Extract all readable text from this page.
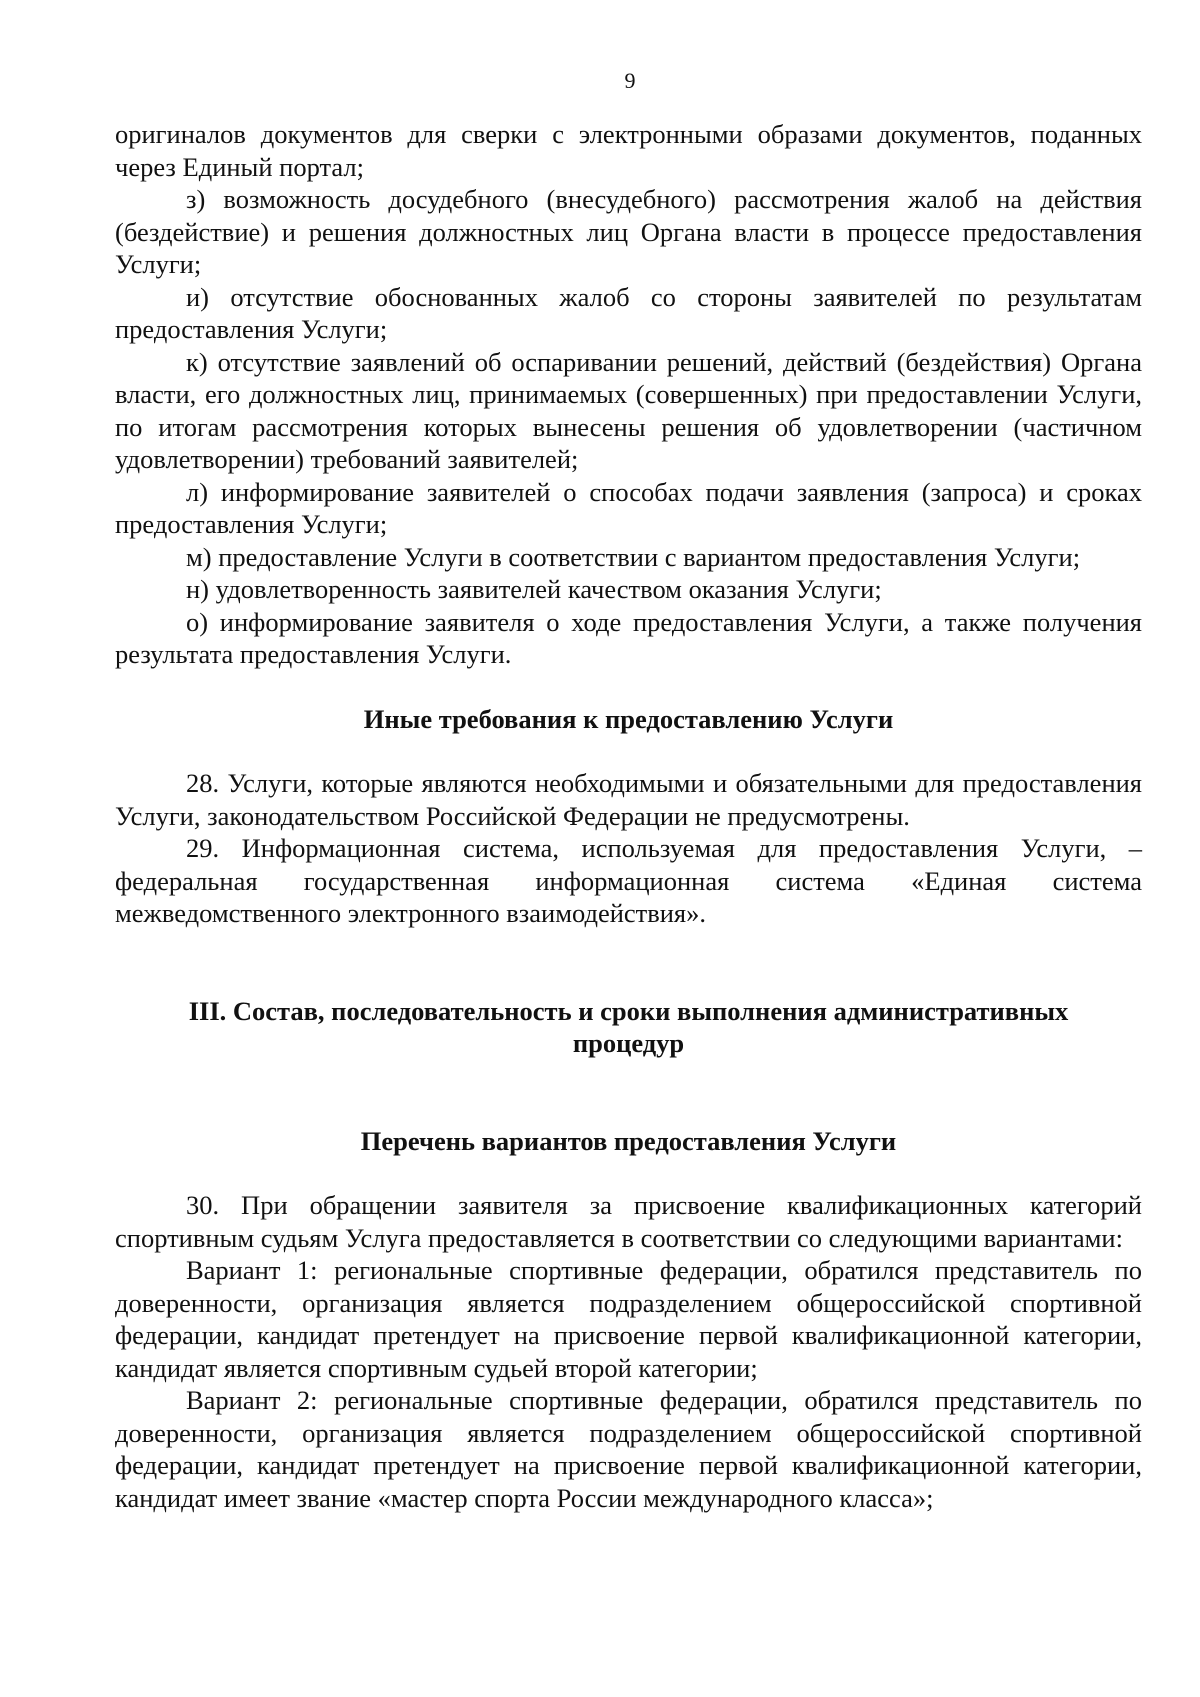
9

оригиналов документов для сверки с электронными образами документов, поданных через Единый портал;

з) возможность досудебного (внесудебного) рассмотрения жалоб на действия (бездействие) и решения должностных лиц Органа власти в процессе предоставления Услуги;

и) отсутствие обоснованных жалоб со стороны заявителей по результатам предоставления Услуги;

к) отсутствие заявлений об оспаривании решений, действий (бездействия) Органа власти, его должностных лиц, принимаемых (совершенных) при предоставлении Услуги, по итогам рассмотрения которых вынесены решения об удовлетворении (частичном удовлетворении) требований заявителей;

л) информирование заявителей о способах подачи заявления (запроса) и сроках предоставления Услуги;

м) предоставление Услуги в соответствии с вариантом предоставления Услуги;

н) удовлетворенность заявителей качеством оказания Услуги;

о) информирование заявителя о ходе предоставления Услуги, а также получения результата предоставления Услуги.

Иные требования к предоставлению Услуги

28. Услуги, которые являются необходимыми и обязательными для предоставления Услуги, законодательством Российской Федерации не предусмотрены.

29. Информационная система, используемая для предоставления Услуги, – федеральная государственная информационная система «Единая система межведомственного электронного взаимодействия».

III. Состав, последовательность и сроки выполнения административных
процедур
Перечень вариантов предоставления Услуги

30. При обращении заявителя за присвоение квалификационных категорий спортивным судьям Услуга предоставляется в соответствии со следующими вариантами:

Вариант 1: региональные спортивные федерации, обратился представитель по доверенности, организация является подразделением общероссийской спортивной федерации, кандидат претендует на присвоение первой квалификационной категории, кандидат является спортивным судьей второй категории;

Вариант 2: региональные спортивные федерации, обратился представитель по доверенности, организация является подразделением общероссийской спортивной федерации, кандидат претендует на присвоение первой квалификационной категории, кандидат имеет звание «мастер спорта России международного класса»;
